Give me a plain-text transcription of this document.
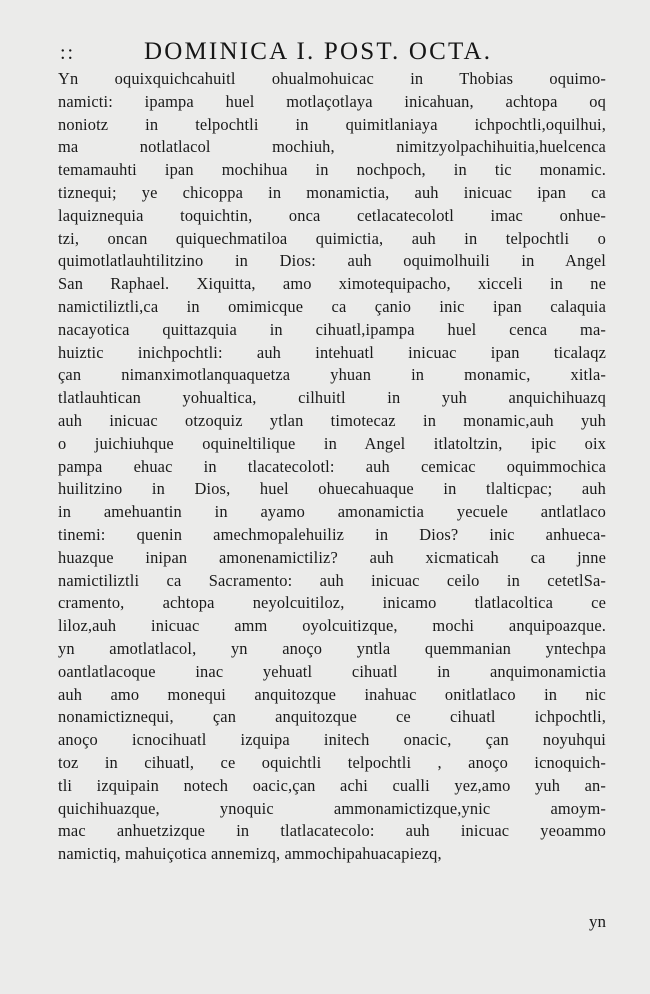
::	DOMINICA I. POST. OCTA.
Yn oquixquichcahuitl ohualmohuicac in Thobias oquimo-
namicti: ipampa huel motlaçotlaya inicahuan, achtopa oq
noniotz in telpochtli in quimitlaniaya ichpochtli,oquilhui,
ma notlatlacol mochiuh, nimitzyolpachihuitia,huelcenca
temamauhti ipan mochihua in nochpoch, in tic monamic.
tiznequi; ye chicoppa in monamictia, auh inicuac ipan ca
laquiznequia toquichtin, onca cetlacatecolotl imac onhue-
tzi, oncan quiquechmatiloa quimictia, auh in telpochtli o
quimotlatlauhtilitzino in Dios: auh oquimolhuili in Angel
San Raphael. Xiquitta, amo ximotequipacho, xicceli in ne
namictiliztli,ca in omimicque ca çanio inic ipan calaquia
nacayotica quittazquia in cihuatl,ipampa huel cenca ma-
huiztic inichpochtli: auh intehuatl inicuac ipan ticalaqz
çan nimanximotlanquaquetza yhuan in monamic, xitla-
tlatlauhtican yohualtica, cilhuitl in yuh anquichihuazq
auh inicuac otzoquiz ytlan timotecaz in monamic,auh yuh
o juichiuhque oquineltilique in Angel itlatoltzin, ipic oix
pampa ehuac in tlacatecolotl: auh cemicac oquimmochica
huilitzino in Dios, huel ohuecahuaque in tlalticpac; auh
in amehuantin in ayamo amonamictia yecuele antlatlaco
tinemi: quenin amechmopalehuiliz in Dios? inic anhueca-
huazque inipan amonenamictiliz? auh xicmaticah ca jnne
namictiliztli ca Sacramento: auh inicuac ceilo in cetetlSa-
cramento, achtopa neyolcuitiloz, inicamo tlatlacoltica ce
liloz,auh inicuac amm oyolcuitizque, mochi anquipoazque.
yn amotlatlacol, yn anoço yntla quemmanian yntechpa
oantlatlacoque inac yehuatl cihuatl in anquimonamictia
auh amo monequi anquitozque inahuac onitlatlaco in nic
nonamictiznequi, çan anquitozque ce cihuatl ichpochtli,
anoço icnocihuatl izquipa initech onacic, çan noyuhqui
toz in cihuatl, ce oquichtli telpochtli , anoço icnoquich-
tli izquipain notech oacic,çan achi cualli yez,amo yuh an-
quichihuazque, ynoquic ammonamictizque,ynic amoym-
mac anhuetzizque in tlatlacatecolo: auh inicuac yeoammo
namictiq, mahuiçotica annemizq, ammochipahuacapiezq,
yn
